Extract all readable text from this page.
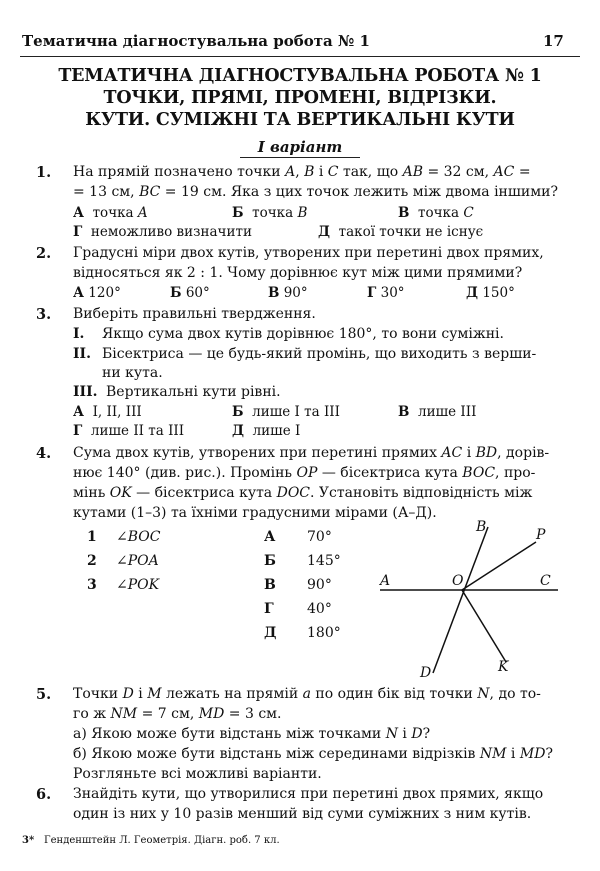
Тематична діагностувальна робота № 1	17
ТЕМАТИЧНА ДІАГНОСТУВАЛЬНА РОБОТА № 1
ТОЧКИ, ПРЯМІ, ПРОМЕНІ, ВІДРІЗКИ.
КУТИ. СУМІЖНІ ТА ВЕРТИКАЛЬНІ КУТИ
I варіант
1. На прямій позначено точки A, B і C так, що AB = 32 см, AC =
= 13 см, BC = 19 см. Яка з цих точок лежить між двома іншими?
А точка A	Б точка B	В точка C
Г неможливо визначити	Д такої точки не існує
2. Градусні міри двох кутів, утворених при перетині двох прямих,
відносяться як 2 : 1. Чому дорівнює кут між цими прямими?
А 120°	Б 60°	В 90°	Г 30°	Д 150°
3. Виберіть правильні твердження.
I. Якщо сума двох кутів дорівнює 180°, то вони суміжні.
II. Бісектриса — це будь-який промінь, що виходить з верши-
ни кута.
III. Вертикальні кути рівні.
А I, II, III	Б лише I та III	В лише III
Г лише II та III	Д лише I
4. Сума двох кутів, утворених при перетині прямих AC і BD, дорів-
нює 140° (див. рис.). Промінь OP — бісектриса кута BOC, про-
мінь OK — бісектриса кута DOC. Установіть відповідність між
кутами (1–3) та їхніми градусними мірами (А–Д).
1 ∠BOC
2 ∠POA
3 ∠POK
А 70°
Б 145°
В 90°
Г 40°
Д 180°
B	P
A	O	C
K
D
5. Точки D і M лежать на прямій a по один бік від точки N, до то-
го ж NM = 7 см, MD = 3 см.
а) Якою може бути відстань між точками N і D?
б) Якою може бути відстань між серединами відрізків NM і MD?
Розгляньте всі можливі варіанти.
6. Знайдіть кути, що утворилися при перетині двох прямих, якщо
один із них у 10 разів менший від суми суміжних з ним кутів.
3* Генденштейн Л. Геометрія. Діагн. роб. 7 кл.
